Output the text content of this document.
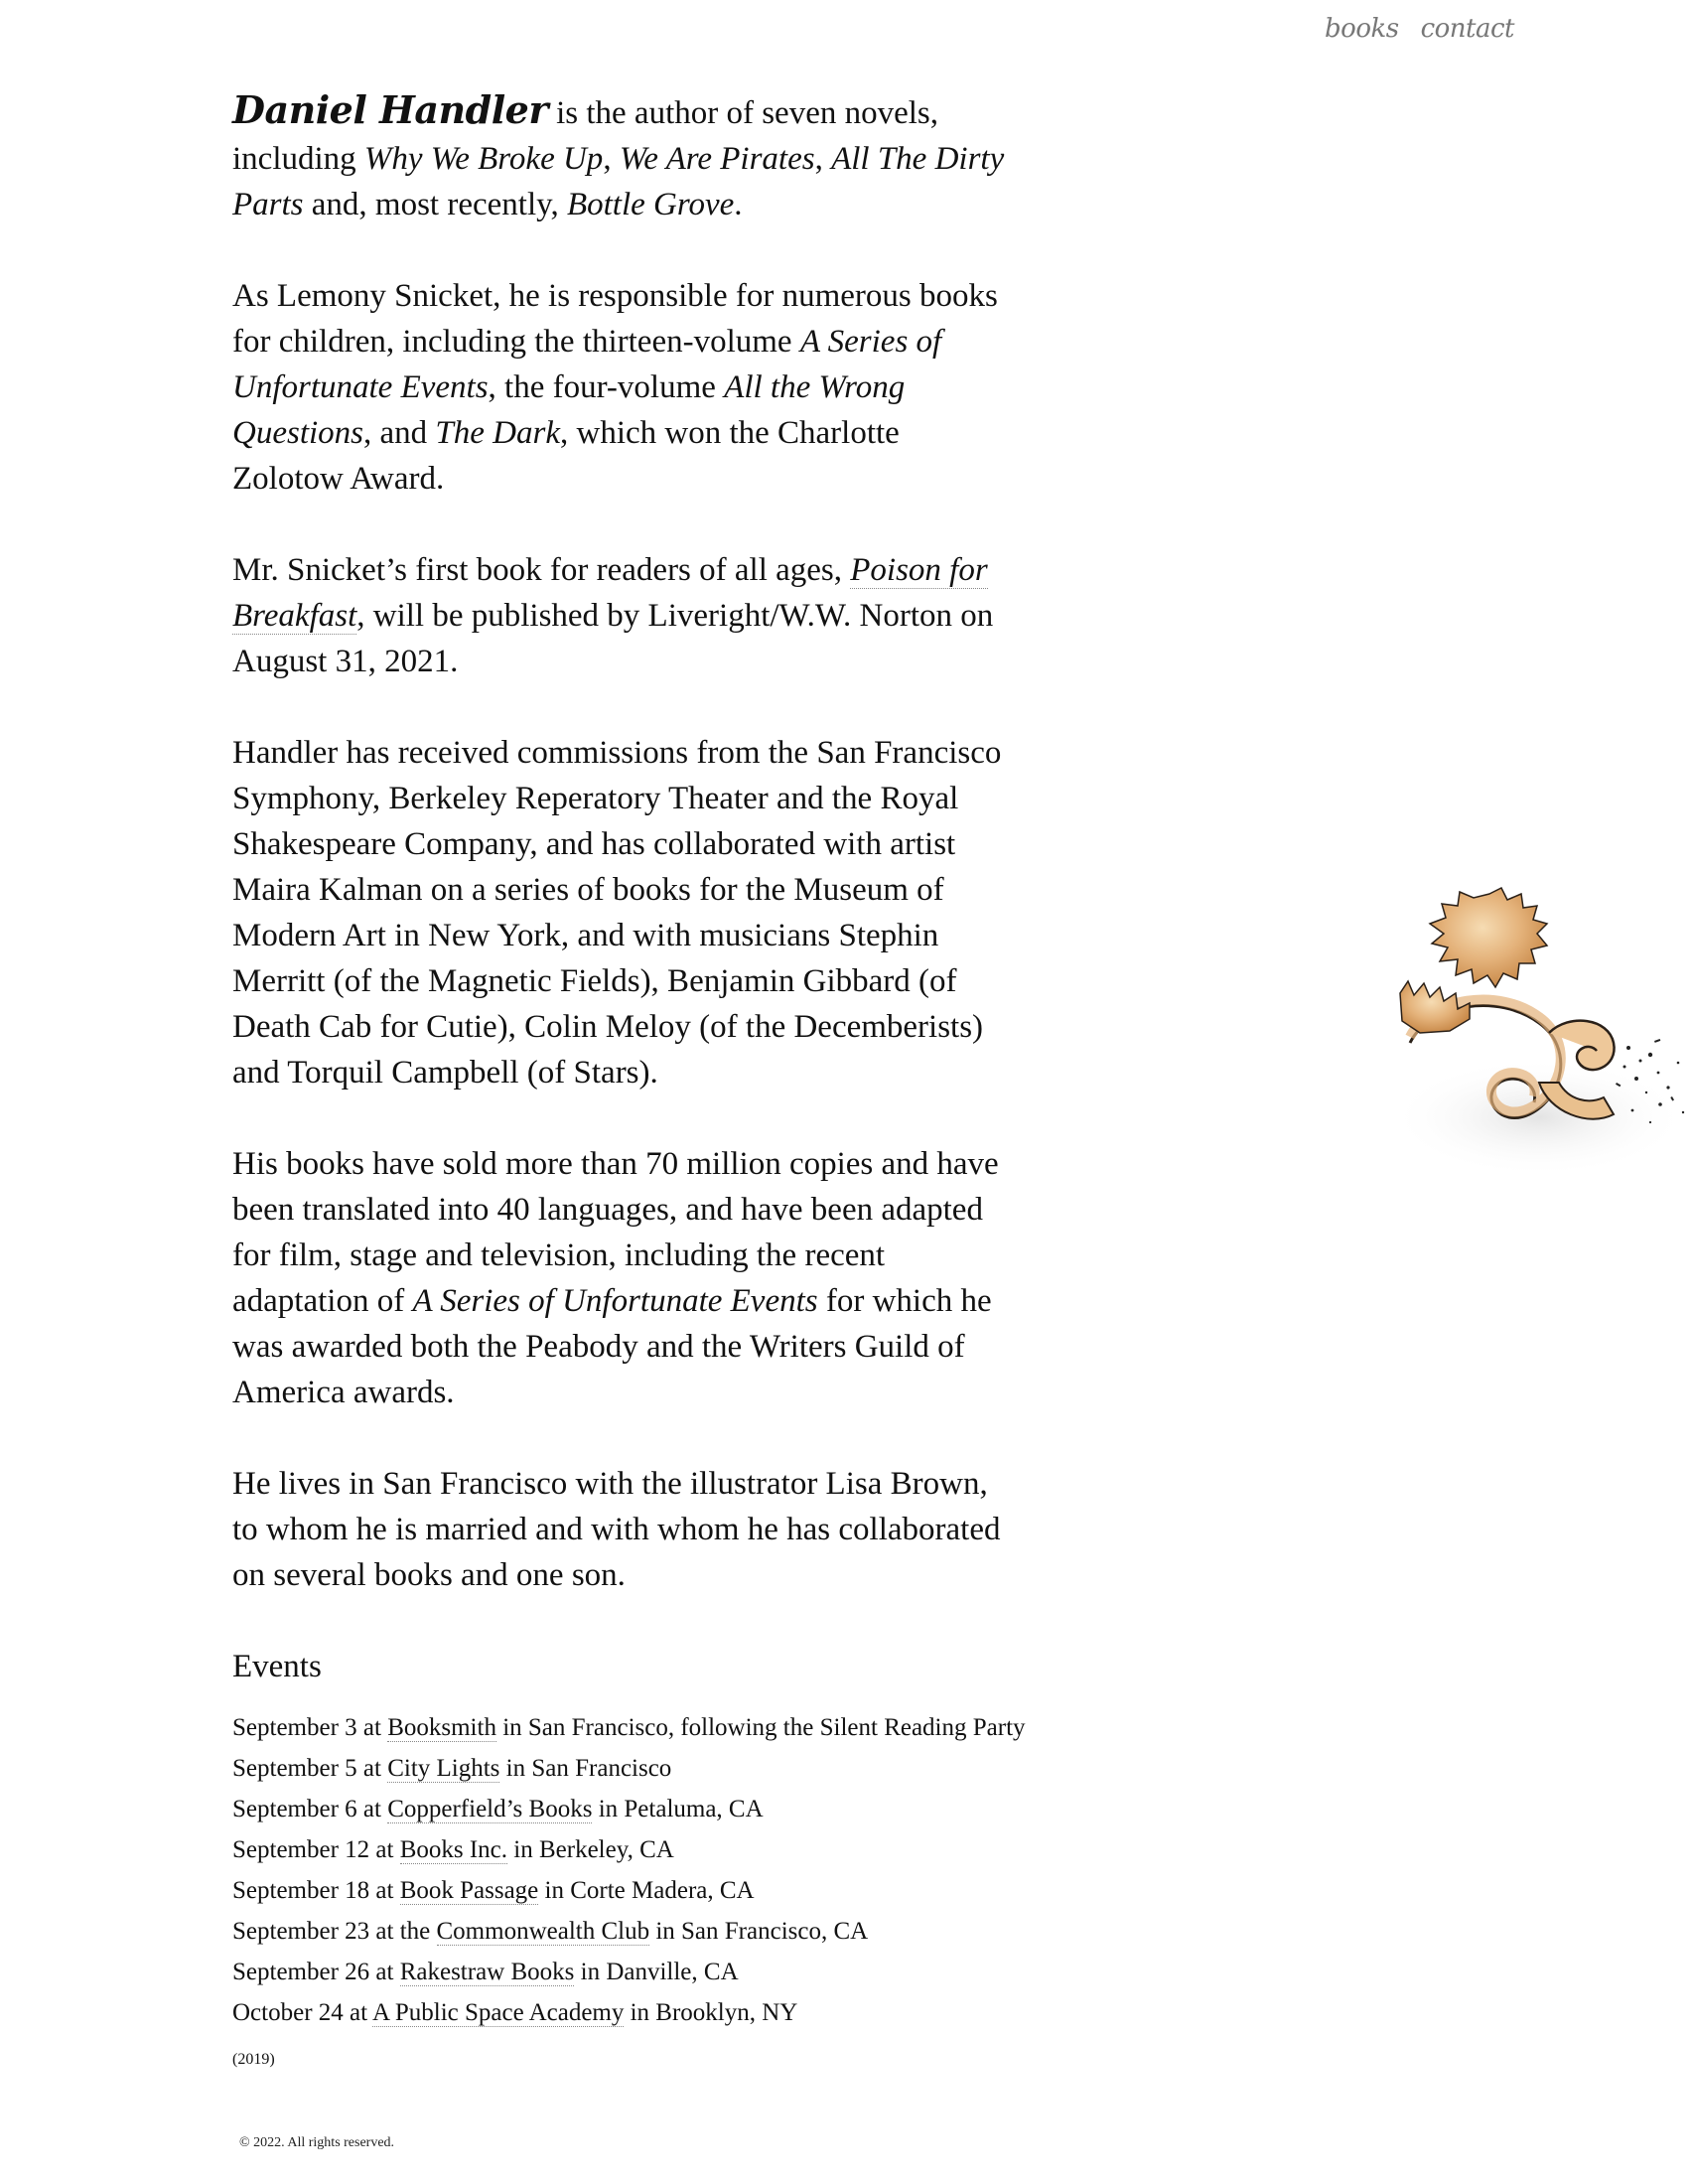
books contact

Daniel Handler is the author of seven novels, including Why We Broke Up, We Are Pirates, All The Dirty Parts and, most recently, Bottle Grove.

As Lemony Snicket, he is responsible for numerous books for children, including the thirteen-volume A Series of Unfortunate Events, the four-volume All the Wrong Questions, and The Dark, which won the Charlotte Zolotow Award.

Mr. Snicket’s first book for readers of all ages, Poison for Breakfast, will be published by Liveright/W.W. Norton on August 31, 2021.

Handler has received commissions from the San Francisco Symphony, Berkeley Reperatory Theater and the Royal Shakespeare Company, and has collaborated with artist Maira Kalman on a series of books for the Museum of Modern Art in New York, and with musicians Stephin Merritt (of the Magnetic Fields), Benjamin Gibbard (of Death Cab for Cutie), Colin Meloy (of the Decemberists) and Torquil Campbell (of Stars).

His books have sold more than 70 million copies and have been translated into 40 languages, and have been adapted for film, stage and television, including the recent adaptation of A Series of Unfortunate Events for which he was awarded both the Peabody and the Writers Guild of America awards.

He lives in San Francisco with the illustrator Lisa Brown, to whom he is married and with whom he has collaborated on several books and one son.

Events
September 3 at Booksmith in San Francisco, following the Silent Reading Party
September 5 at City Lights in San Francisco
September 6 at Copperfield’s Books in Petaluma, CA
September 12 at Books Inc. in Berkeley, CA
September 18 at Book Passage in Corte Madera, CA
September 23 at the Commonwealth Club in San Francisco, CA
September 26 at Rakestraw Books in Danville, CA
October 24 at A Public Space Academy in Brooklyn, NY
(2019)
© 2022. All rights reserved.
